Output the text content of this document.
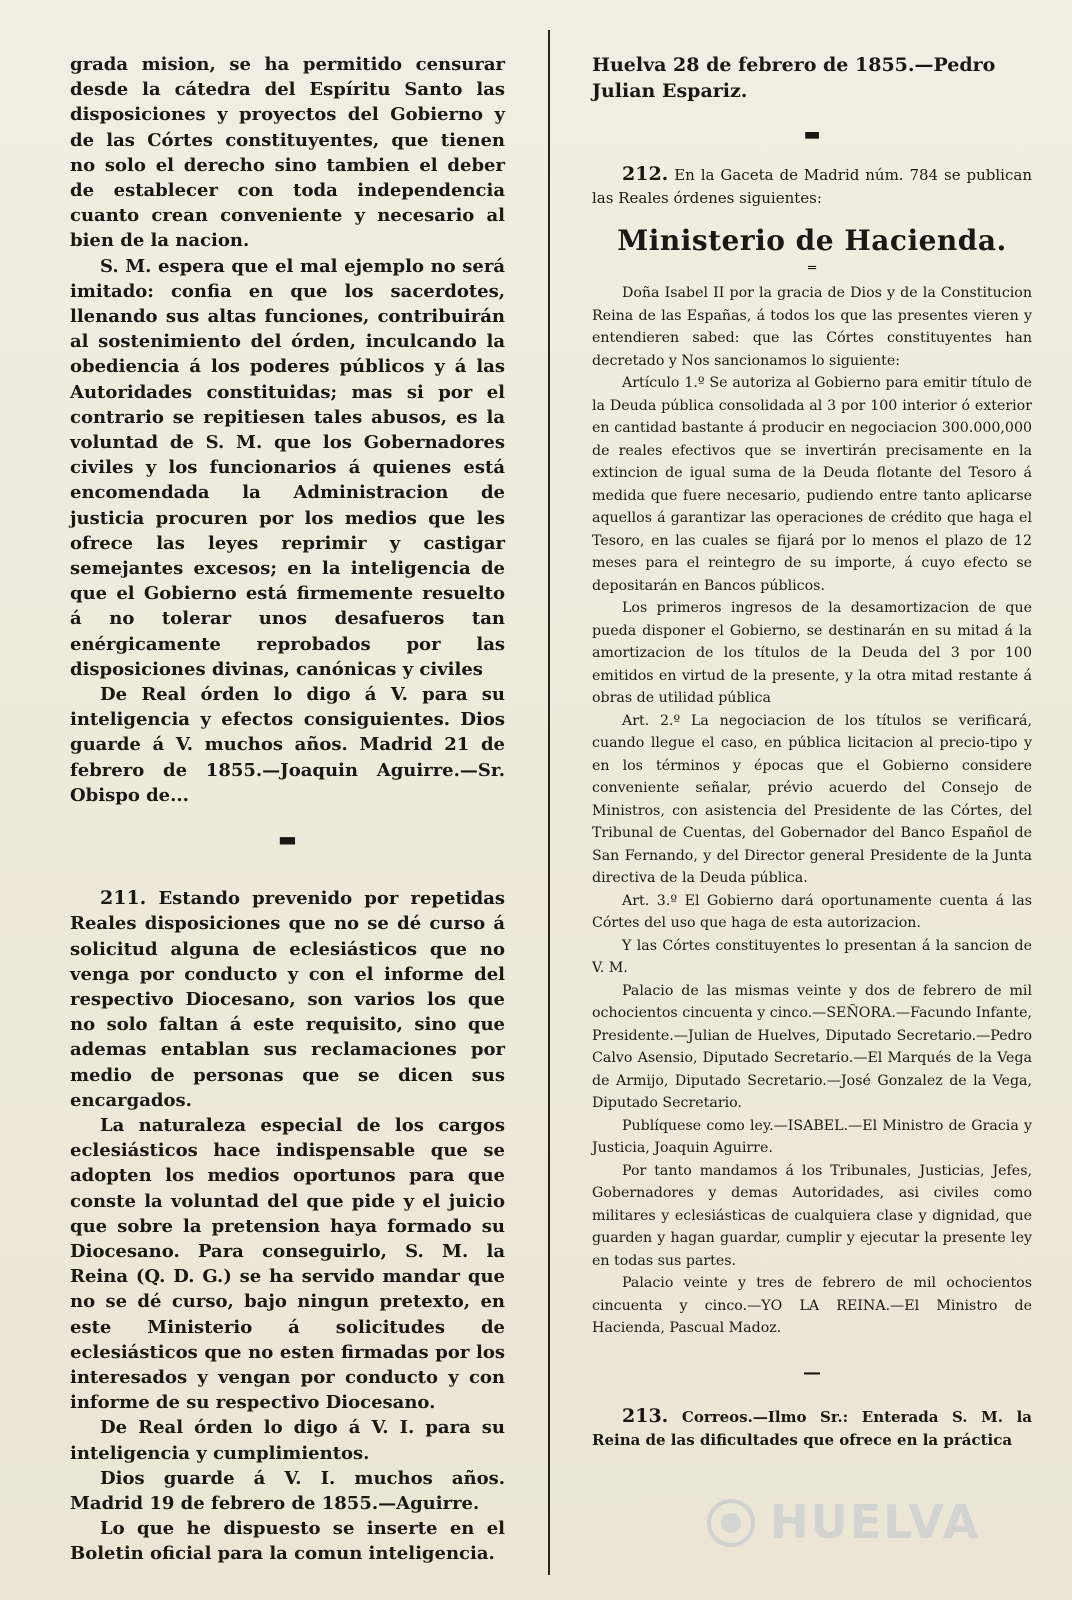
grada mision, se ha permitido censurar desde la cátedra del Espíritu Santo las disposiciones y proyectos del Gobierno y de las Córtes constituyentes, que tienen no solo el derecho sino tambien el deber de establecer con toda independencia cuanto crean conveniente y necesario al bien de la nacion.

S. M. espera que el mal ejemplo no será imitado: confia en que los sacerdotes, llenando sus altas funciones, contribuirán al sostenimiento del órden, inculcando la obediencia á los poderes públicos y á las Autoridades constituidas; mas si por el contrario se repitiesen tales abusos, es la voluntad de S. M. que los Gobernadores civiles y los funcionarios á quienes está encomendada la Administracion de justicia procuren por los medios que les ofrece las leyes reprimir y castigar semejantes excesos; en la inteligencia de que el Gobierno está firmemente resuelto á no tolerar unos desafueros tan enérgicamente reprobados por las disposiciones divinas, canónicas y civiles

De Real órden lo digo á V. para su inteligencia y efectos consiguientes. Dios guarde á V. muchos años. Madrid 21 de febrero de 1855.—Joaquin Aguirre.—Sr. Obispo de...

▬

211. Estando prevenido por repetidas Reales disposiciones que no se dé curso á solicitud alguna de eclesiásticos que no venga por conducto y con el informe del respectivo Diocesano, son varios los que no solo faltan á este requisito, sino que ademas entablan sus reclamaciones por medio de personas que se dicen sus encargados.

La naturaleza especial de los cargos eclesiásticos hace indispensable que se adopten los medios oportunos para que conste la voluntad del que pide y el juicio que sobre la pretension haya formado su Diocesano. Para conseguirlo, S. M. la Reina (Q. D. G.) se ha servido mandar que no se dé curso, bajo ningun pretexto, en este Ministerio á solicitudes de eclesiásticos que no esten firmadas por los interesados y vengan por conducto y con informe de su respectivo Diocesano.

De Real órden lo digo á V. I. para su inteligencia y cumplimientos.

Dios guarde á V. I. muchos años. Madrid 19 de febrero de 1855.—Aguirre.

Lo que he dispuesto se inserte en el Boletin oficial para la comun inteligencia.

Huelva 28 de febrero de 1855.—Pedro Julian Espariz.

▬

212. En la Gaceta de Madrid núm. 784 se publican las Reales órdenes siguientes:

Ministerio de Hacienda.

═

Doña Isabel II por la gracia de Dios y de la Constitucion Reina de las Españas, á todos los que las presentes vieren y entendieren sabed: que las Córtes constituyentes han decretado y Nos sancionamos lo siguiente:

Artículo 1.º Se autoriza al Gobierno para emitir título de la Deuda pública consolidada al 3 por 100 interior ó exterior en cantidad bastante á producir en negociacion 300.000,000 de reales efectivos que se invertirán precisamente en la extincion de igual suma de la Deuda flotante del Tesoro á medida que fuere necesario, pudiendo entre tanto aplicarse aquellos á garantizar las operaciones de crédito que haga el Tesoro, en las cuales se fijará por lo menos el plazo de 12 meses para el reintegro de su importe, á cuyo efecto se depositarán en Bancos públicos.

Los primeros ingresos de la desamortizacion de que pueda disponer el Gobierno, se destinarán en su mitad á la amortizacion de los títulos de la Deuda del 3 por 100 emitidos en virtud de la presente, y la otra mitad restante á obras de utilidad pública

Art. 2.º La negociacion de los títulos se verificará, cuando llegue el caso, en pública licitacion al precio-tipo y en los términos y épocas que el Gobierno considere conveniente señalar, prévio acuerdo del Consejo de Ministros, con asistencia del Presidente de las Córtes, del Tribunal de Cuentas, del Gobernador del Banco Español de San Fernando, y del Director general Presidente de la Junta directiva de la Deuda pública.

Art. 3.º El Gobierno dará oportunamente cuenta á las Córtes del uso que haga de esta autorizacion.

Y las Córtes constituyentes lo presentan á la sancion de V. M.

Palacio de las mismas veinte y dos de febrero de mil ochocientos cincuenta y cinco.—SEÑORA.—Facundo Infante, Presidente.—Julian de Huelves, Diputado Secretario.—Pedro Calvo Asensio, Diputado Secretario.—El Marqués de la Vega de Armijo, Diputado Secretario.—José Gonzalez de la Vega, Diputado Secretario.

Publíquese como ley.—ISABEL.—El Ministro de Gracia y Justicia, Joaquin Aguirre.

Por tanto mandamos á los Tribunales, Justicias, Jefes, Gobernadores y demas Autoridades, asi civiles como militares y eclesiásticas de cualquiera clase y dignidad, que guarden y hagan guardar, cumplir y ejecutar la presente ley en todas sus partes.

Palacio veinte y tres de febrero de mil ochocientos cincuenta y cinco.—YO LA REINA.—El Ministro de Hacienda, Pascual Madoz.

—

213. Correos.—Ilmo Sr.: Enterada S. M. la Reina de las dificultades que ofrece en la práctica

HUELVA
